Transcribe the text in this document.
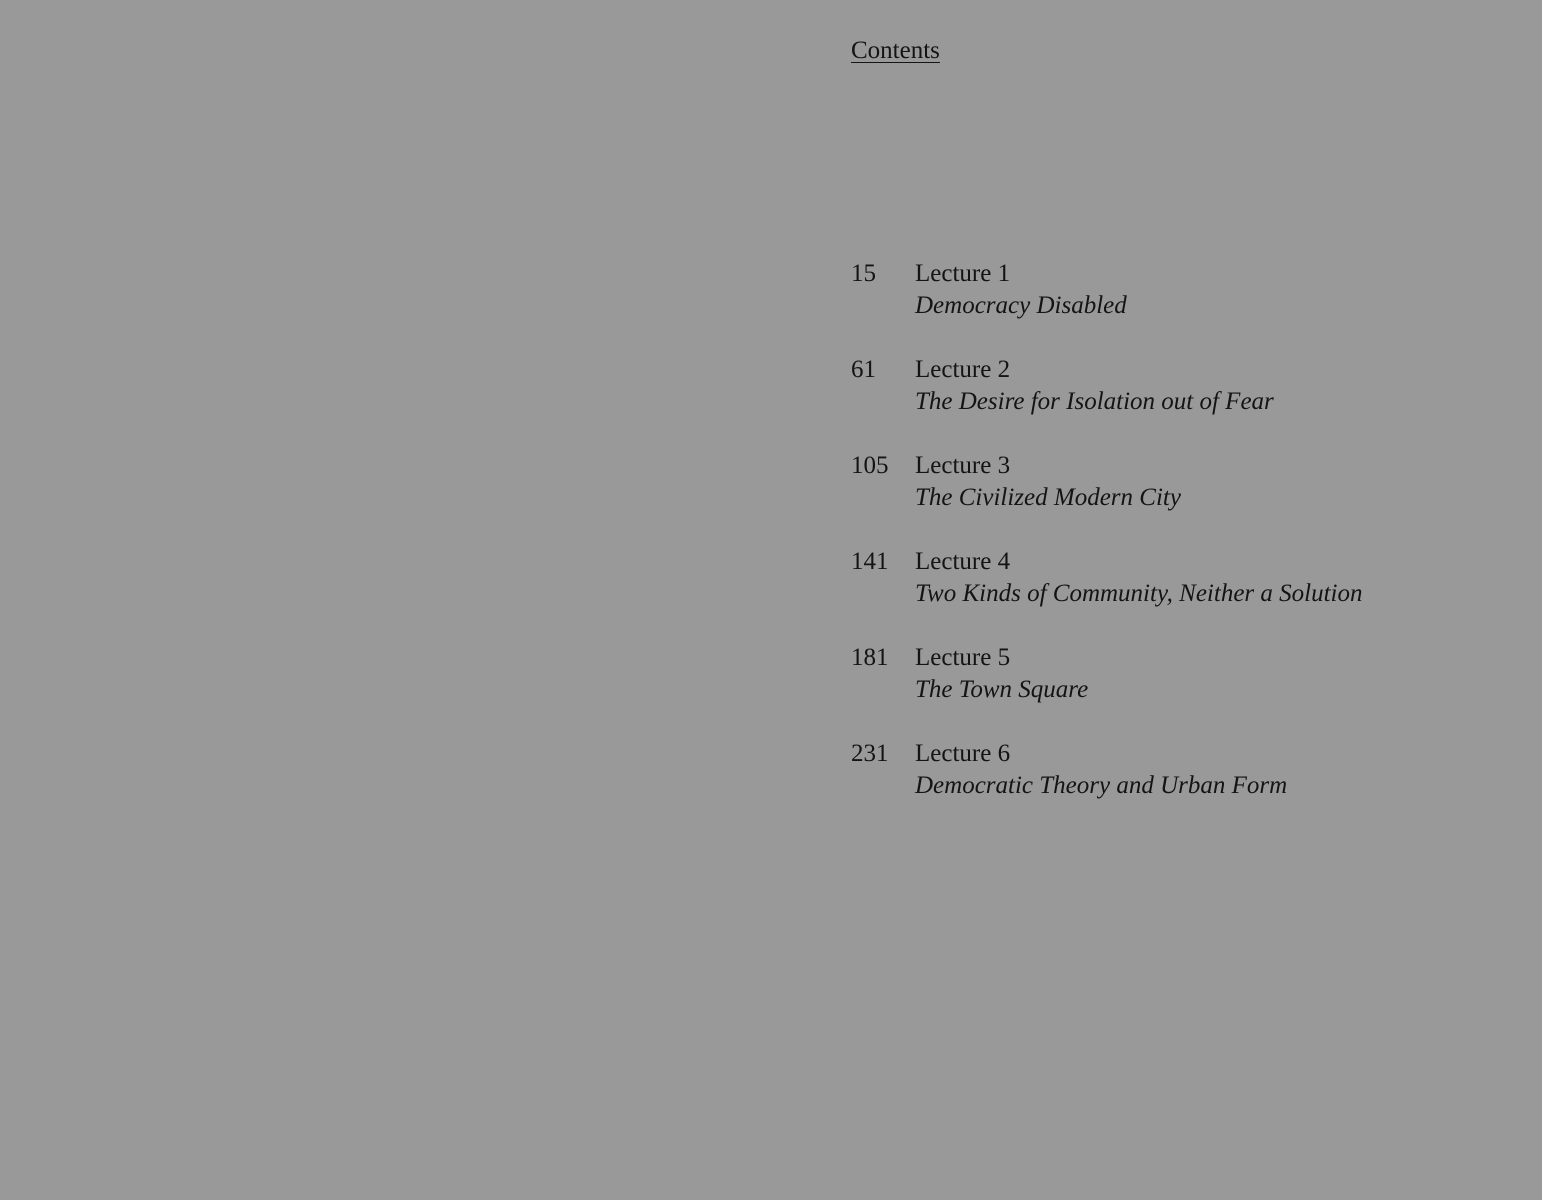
Contents
15	Lecture 1
Democracy Disabled
61	Lecture 2
The Desire for Isolation out of Fear
105	Lecture 3
The Civilized Modern City
141	Lecture 4
Two Kinds of Community, Neither a Solution
181	Lecture 5
The Town Square
231	Lecture 6
Democratic Theory and Urban Form
